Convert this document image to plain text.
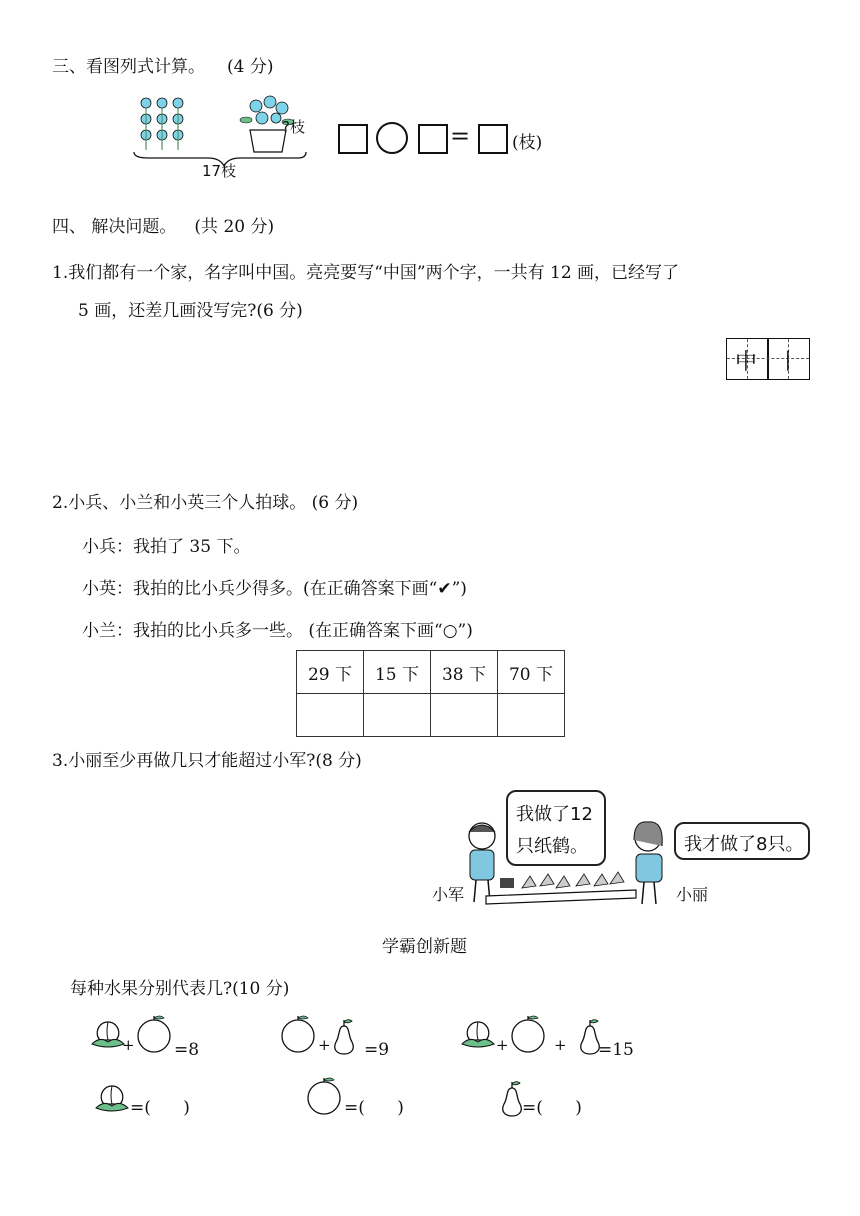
三、看图列式计算。 (4 分)
?枝
17枝
= (枝)
四、 解决问题。 (共 20 分)
1.我们都有一个家，名字叫中国。亮亮要写“中国”两个字，一共有 12 画，已经写了
5 画，还差几画没写完?(6 分)
中 丨
2.小兵、小兰和小英三个人拍球。 (6 分)
小兵：我拍了 35 下。
小英：我拍的比小兵少得多。(在正确答案下画“✔”)
小兰：我拍的比小兵多一些。 (在正确答案下画“○”)
29 下	15 下	38 下	70 下

3.小丽至少再做几只才能超过小军?(8 分)
我做了12
只纸鹤。	我才做了8只。
小军	小丽
学霸创新题
每种水果分别代表几?(10 分)
+ =8	+ =9	+	+ =15
=(      )	=(      )	=(      )
